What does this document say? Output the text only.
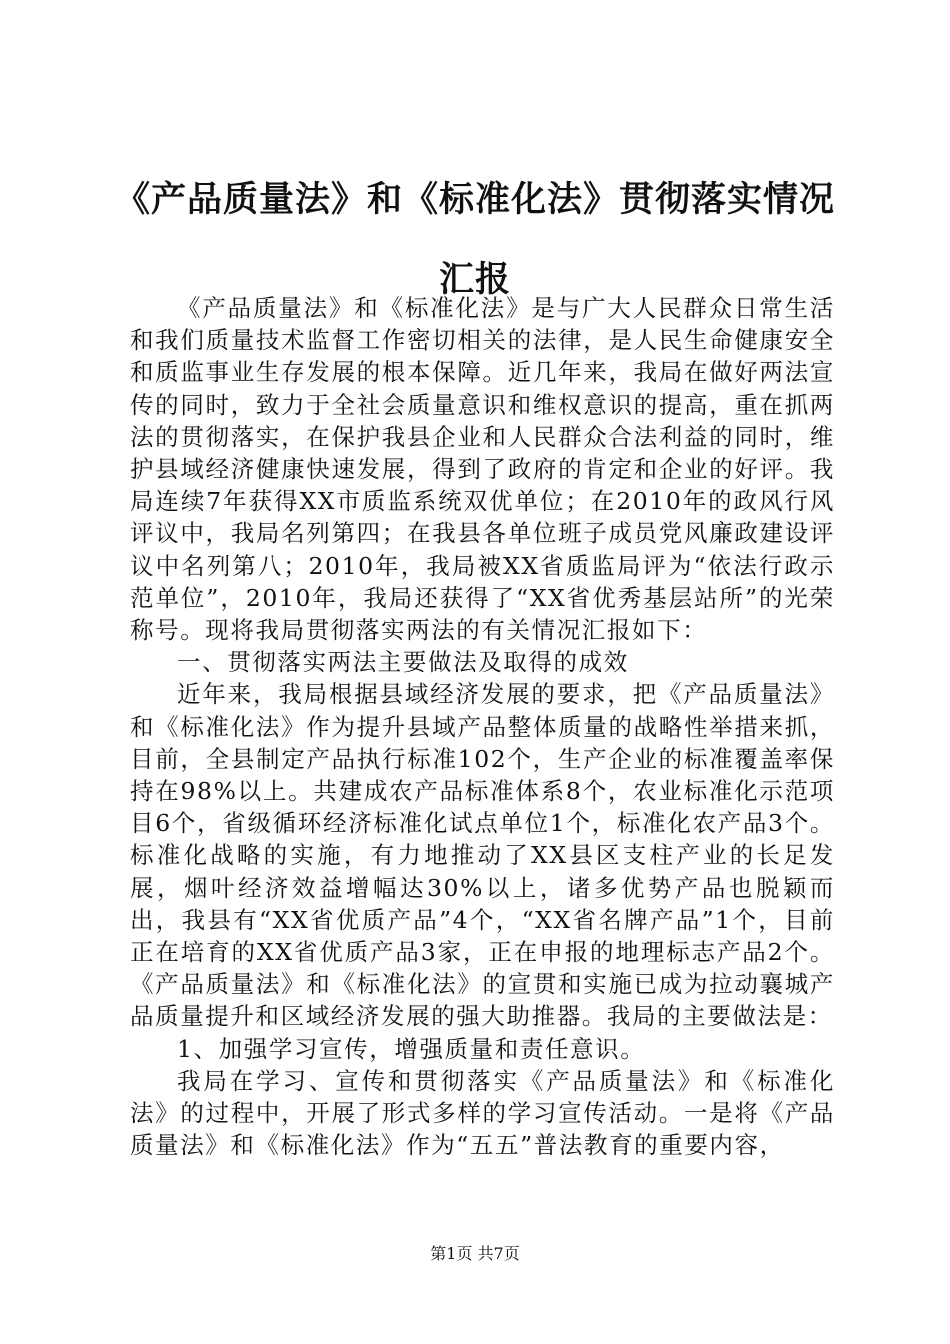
《产品质量法》和《标准化法》贯彻落实情况汇报

《产品质量法》和《标准化法》是与广大人民群众日常生活和我们质量技术监督工作密切相关的法律，是人民生命健康安全和质监事业生存发展的根本保障。近几年来，我局在做好两法宣传的同时，致力于全社会质量意识和维权意识的提高，重在抓两法的贯彻落实，在保护我县企业和人民群众合法利益的同时，维护县域经济健康快速发展，得到了政府的肯定和企业的好评。我局连续7年获得XX市质监系统双优单位；在2010年的政风行风评议中，我局名列第四；在我县各单位班子成员党风廉政建设评议中名列第八；2010年，我局被XX省质监局评为“依法行政示范单位”，2010年，我局还获得了“XX省优秀基层站所”的光荣称号。现将我局贯彻落实两法的有关情况汇报如下：

一、贯彻落实两法主要做法及取得的成效

近年来，我局根据县域经济发展的要求，把《产品质量法》和《标准化法》作为提升县域产品整体质量的战略性举措来抓，目前，全县制定产品执行标准102个，生产企业的标准覆盖率保持在98%以上。共建成农产品标准体系8个，农业标准化示范项目6个，省级循环经济标准化试点单位1个，标准化农产品3个。标准化战略的实施，有力地推动了XX县区支柱产业的长足发展，烟叶经济效益增幅达30%以上，诸多优势产品也脱颖而出，我县有“XX省优质产品”4个，“XX省名牌产品”1个，目前正在培育的XX省优质产品3家，正在申报的地理标志产品2个。《产品质量法》和《标准化法》的宣贯和实施已成为拉动襄城产品质量提升和区域经济发展的强大助推器。我局的主要做法是：

1、加强学习宣传，增强质量和责任意识。

我局在学习、宣传和贯彻落实《产品质量法》和《标准化法》的过程中，开展了形式多样的学习宣传活动。一是将《产品质量法》和《标准化法》作为“五五”普法教育的重要内容，

第1页 共7页
